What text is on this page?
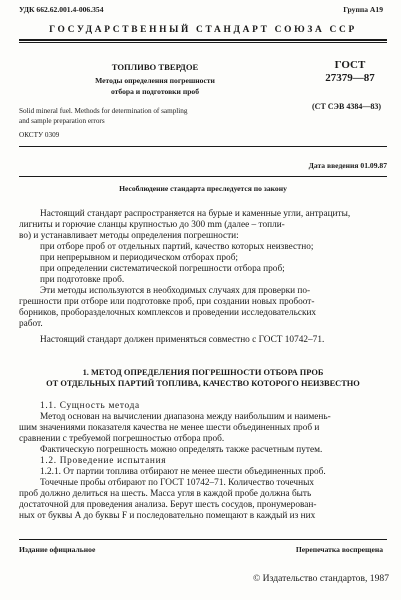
УДК 662.62.001.4-006.354	Группа А19
ГОСУДАРСТВЕННЫЙ СТАНДАРТ СОЮЗА ССР
ТОПЛИВО ТВЕРДОЕ
Методы определения погрешности
отбора и подготовки проб
ГОСТ
27379—87
(СТ СЭВ 4384—83)
Solid mineral fuel. Methods for determination of sampling
and sample preparation errors
ОКСТУ 0309
Дата введения 01.09.87
Несоблюдение стандарта преследуется по закону
Настоящий стандарт распространяется на бурые и каменные угли, антрациты,
лигниты и горючие сланцы крупностью до 300 mm (далее – топли-
во) и устанавливает методы определения погрешности:
при отборе проб от отдельных партий, качество которых неизвестно;
при непрерывном и периодическом отборах проб;
при определении систематической погрешности отбора проб;
при подготовке проб.
Эти методы используются в необходимых случаях для проверки по-
грешности при отборе или подготовке проб, при создании новых пробоот-
борников, проборазделочных комплексов и проведении исследовательских
работ.
Настоящий стандарт должен применяться совместно с ГОСТ 10742–71.
1. МЕТОД ОПРЕДЕЛЕНИЯ ПОГРЕШНОСТИ ОТБОРА ПРОБ
ОТ ОТДЕЛЬНЫХ ПАРТИЙ ТОПЛИВА, КАЧЕСТВО КОТОРОГО НЕИЗВЕСТНО
1.1. Сущность метода
Метод основан на вычислении диапазона между наибольшим и наимень-
шим значениями показателя качества не менее шести объединенных проб и
сравнении с требуемой погрешностью отбора проб.
Фактическую погрешность можно определять также расчетным путем.
1.2. Проведение испытания
1.2.1. От партии топлива отбирают не менее шести объединенных проб.
Точечные пробы отбирают по ГОСТ 10742–71. Количество точечных
проб должно делиться на шесть. Масса угля в каждой пробе должна быть
достаточной для проведения анализа. Берут шесть сосудов, пронумерован-
ных от буквы А до буквы F и последовательно помещают в каждый из них
Издание официальное	Перепечатка воспрещена
© Издательство стандартов, 1987
